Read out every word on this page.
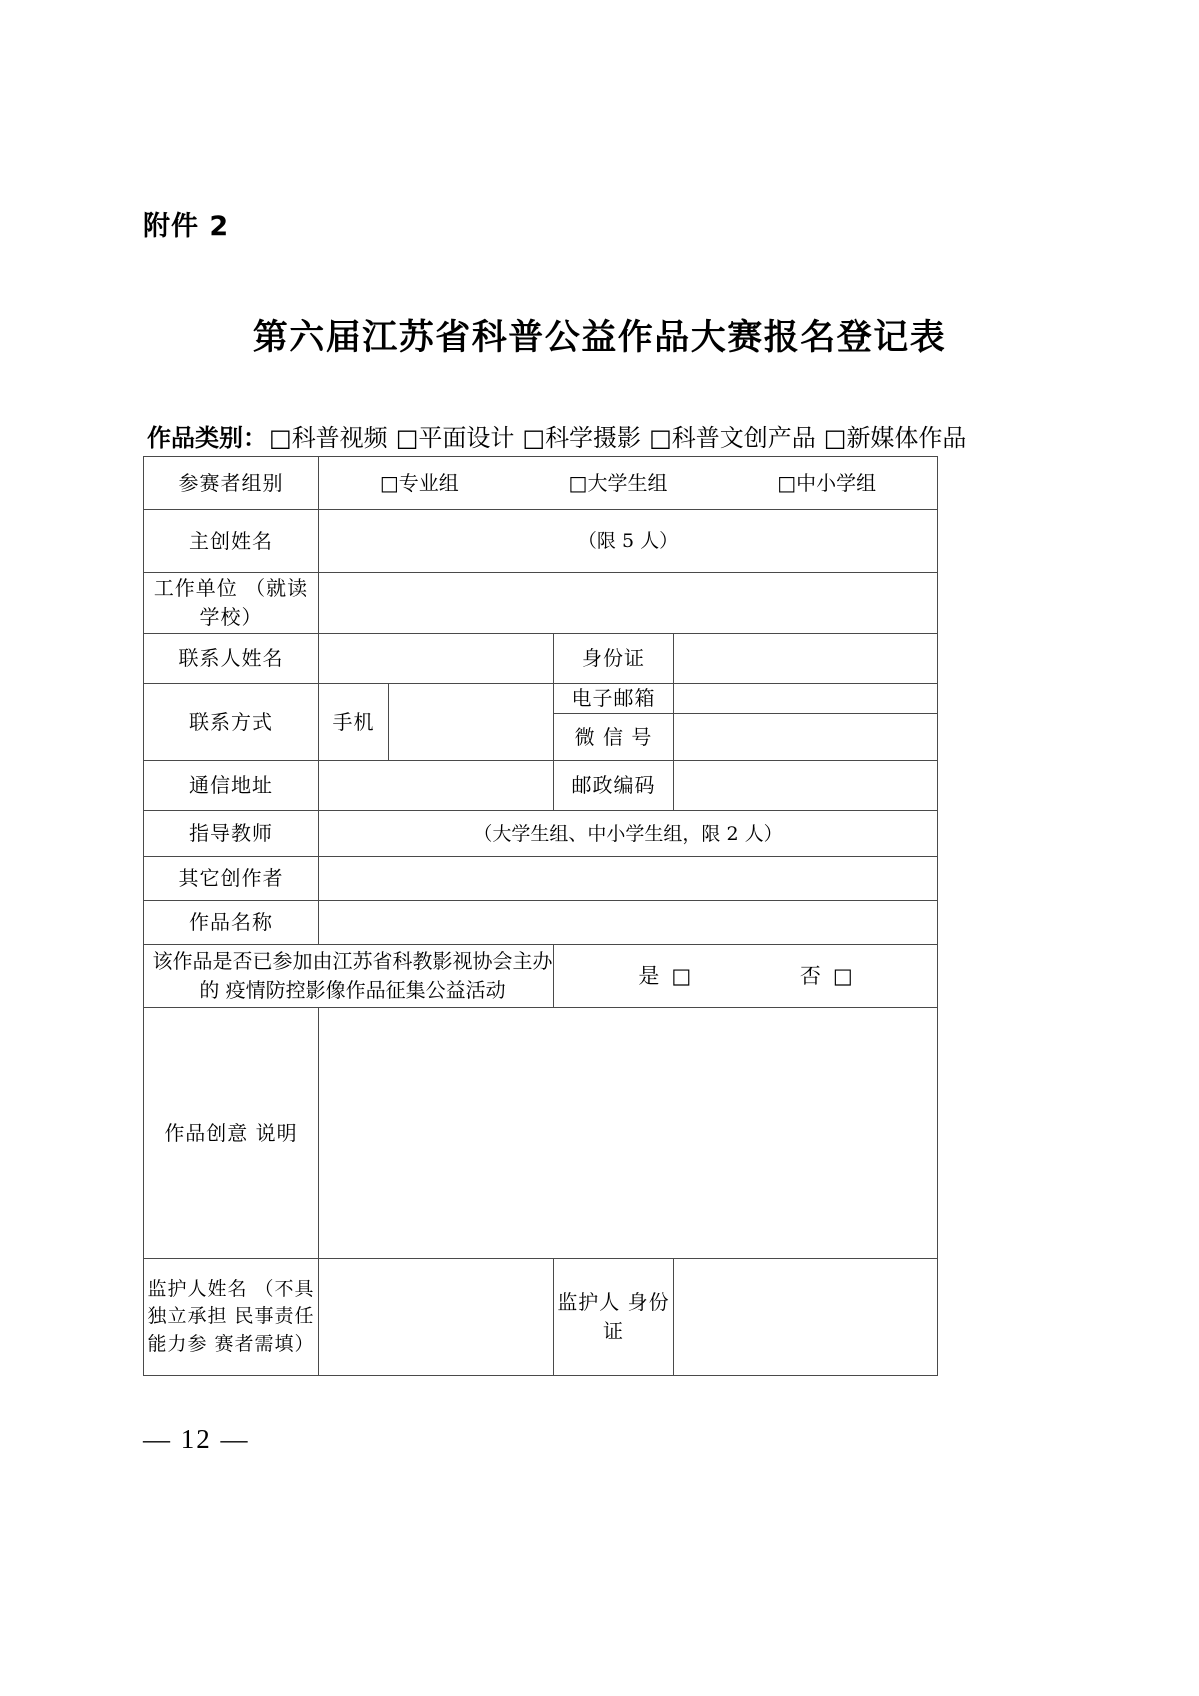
附件 2
第六届江苏省科普公益作品大赛报名登记表
作品类别：□科普视频 □平面设计 □科学摄影 □科普文创产品 □新媒体作品
参赛者组别	□专业组 □大学生组 □中小学组			

主创姓名	（限 5 人）			
工作单位 （就读学校）				
联系人姓名			身份证	
联系方式	手机		电子邮箱	
			微 信 号	
通信地址			邮政编码	
指导教师	（大学生组、中小学生组，限 2 人）			
其它创作者				
作品名称				
该作品是否已参加由江苏省科教影视协会主办的 疫情防控影像作品征集公益活动			是 □ 否 □	

作品创意 说明				
监护人姓名 （不具独立承担 民事责任能力参 赛者需填）			监护人 身份证	
— 12 —
